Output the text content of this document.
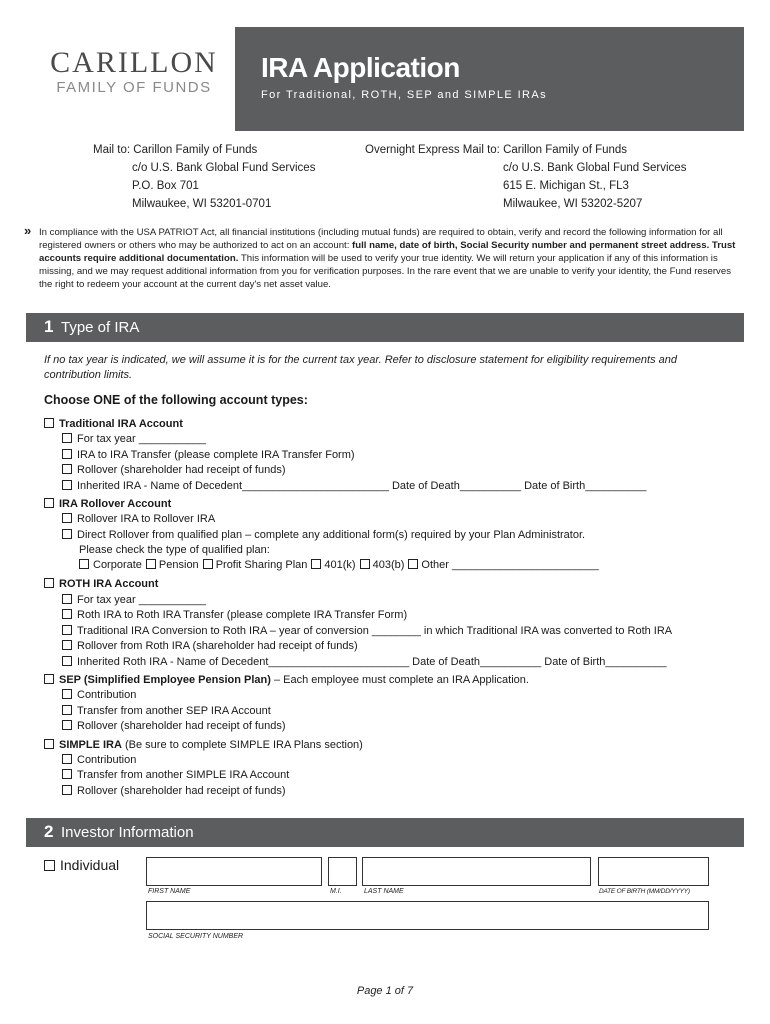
CARILLON
FAMILY OF FUNDS
IRA Application
For Traditional, ROTH, SEP and SIMPLE IRAs
Mail to: Carillon Family of Funds
c/o U.S. Bank Global Fund Services
P.O. Box 701
Milwaukee, WI 53201-0701
Overnight Express Mail to: Carillon Family of Funds
c/o U.S. Bank Global Fund Services
615 E. Michigan St., FL3
Milwaukee, WI 53202-5207
» In compliance with the USA PATRIOT Act, all financial institutions (including mutual funds) are required to obtain, verify and record the following information for all registered owners or others who may be authorized to act on an account: full name, date of birth, Social Security number and permanent street address. Trust accounts require additional documentation. This information will be used to verify your true identity. We will return your application if any of this information is missing, and we may request additional information from you for verification purposes. In the rare event that we are unable to verify your identity, the Fund reserves the right to redeem your account at the current day's net asset value.
1 Type of IRA
If no tax year is indicated, we will assume it is for the current tax year. Refer to disclosure statement for eligibility requirements and contribution limits.
Choose ONE of the following account types:
Traditional IRA Account
For tax year ___________
IRA to IRA Transfer (please complete IRA Transfer Form)
Rollover (shareholder had receipt of funds)
Inherited IRA - Name of Decedent________________________ Date of Death__________ Date of Birth__________
IRA Rollover Account
Rollover IRA to Rollover IRA
Direct Rollover from qualified plan – complete any additional form(s) required by your Plan Administrator.
Please check the type of qualified plan:
Corporate Pension Profit Sharing Plan 401(k) 403(b) Other ________________________
ROTH IRA Account
For tax year ___________
Roth IRA to Roth IRA Transfer (please complete IRA Transfer Form)
Traditional IRA Conversion to Roth IRA – year of conversion ________ in which Traditional IRA was converted to Roth IRA
Rollover from Roth IRA (shareholder had receipt of funds)
Inherited Roth IRA - Name of Decedent_______________________ Date of Death__________ Date of Birth__________
SEP (Simplified Employee Pension Plan) – Each employee must complete an IRA Application.
Contribution
Transfer from another SEP IRA Account
Rollover (shareholder had receipt of funds)
SIMPLE IRA (Be sure to complete SIMPLE IRA Plans section)
Contribution
Transfer from another SIMPLE IRA Account
Rollover (shareholder had receipt of funds)
2 Investor Information
Individual
FIRST NAME	M.I.	LAST NAME	DATE OF BIRTH (MM/DD/YYYY)
SOCIAL SECURITY NUMBER
Page 1 of 7
